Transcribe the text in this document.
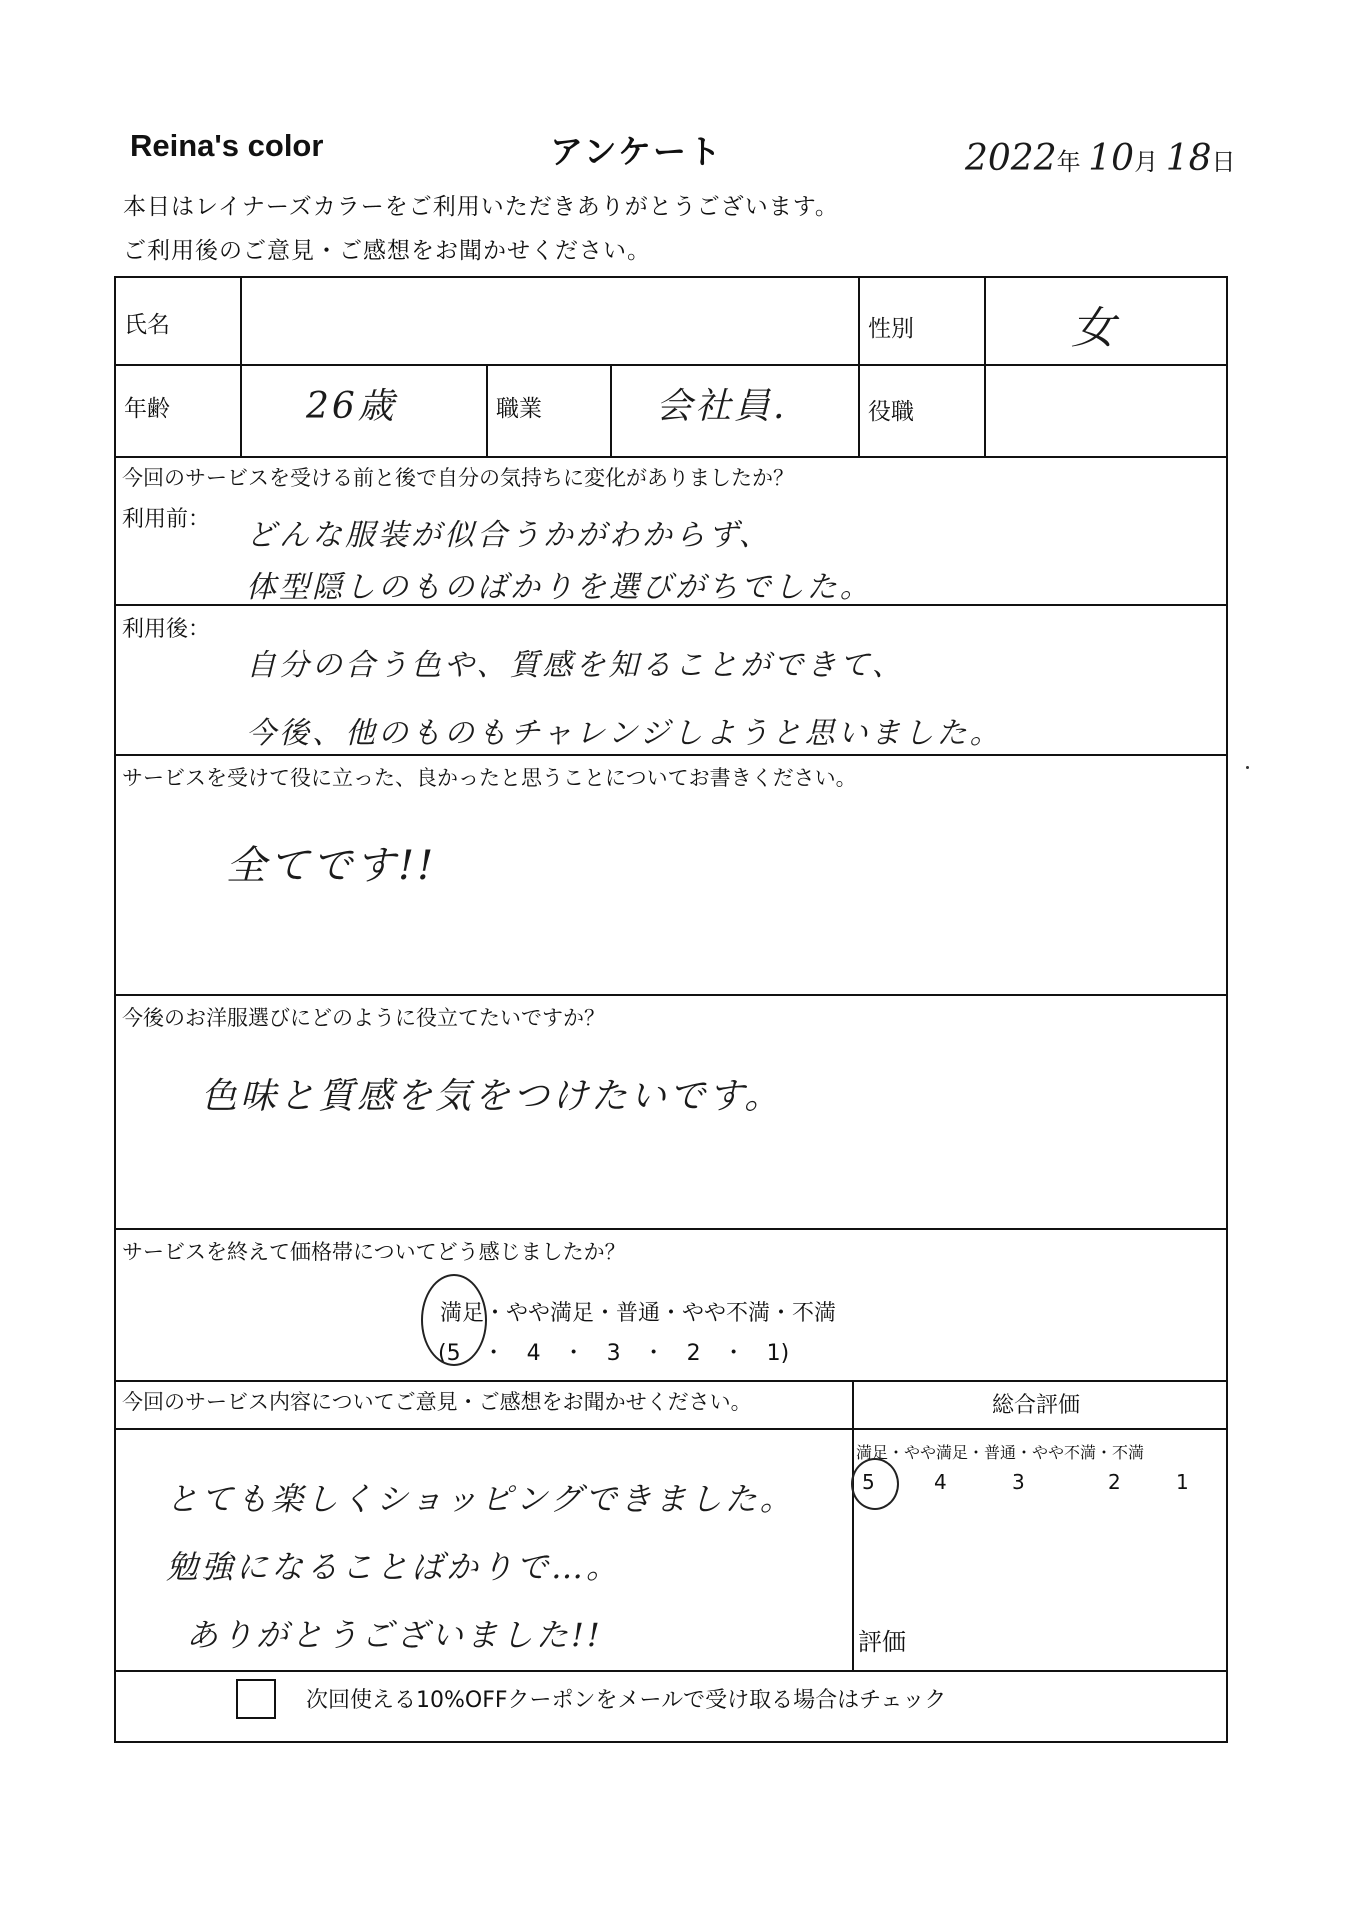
Reina's color	アンケート	2022年 10月 18日
本日はレイナーズカラーをご利用いただきありがとうございます。
ご利用後のご意見・ご感想をお聞かせください。
氏名	性別	女
年齢	26歳	職業	会社員.	役職
今回のサービスを受ける前と後で自分の気持ちに変化がありましたか？
利用前： どんな服装が似合うかがわからず、
体型隠しのものばかりを選びがちでした。
利用後：
自分の合う色や、質感を知ることができて、
今後、他のものもチャレンジしようと思いました。
サービスを受けて役に立った、良かったと思うことについてお書きください。
全てです!!
今後のお洋服選びにどのように役立てたいですか？
色味と質感を気をつけたいです。
サービスを終えて価格帯についてどう感じましたか？
満足・やや満足・普通・やや不満・不満
(5　・　4　・　3　・　2　・　1)
今回のサービス内容についてご意見・ご感想をお聞かせください。	総合評価
満足・やや満足・普通・やや不満・不満
5	4	3	2	1
評価
とても楽しくショッピングできました。
勉強になることばかりで…。
ありがとうございました!!
次回使える10%OFFクーポンをメールで受け取る場合はチェック
